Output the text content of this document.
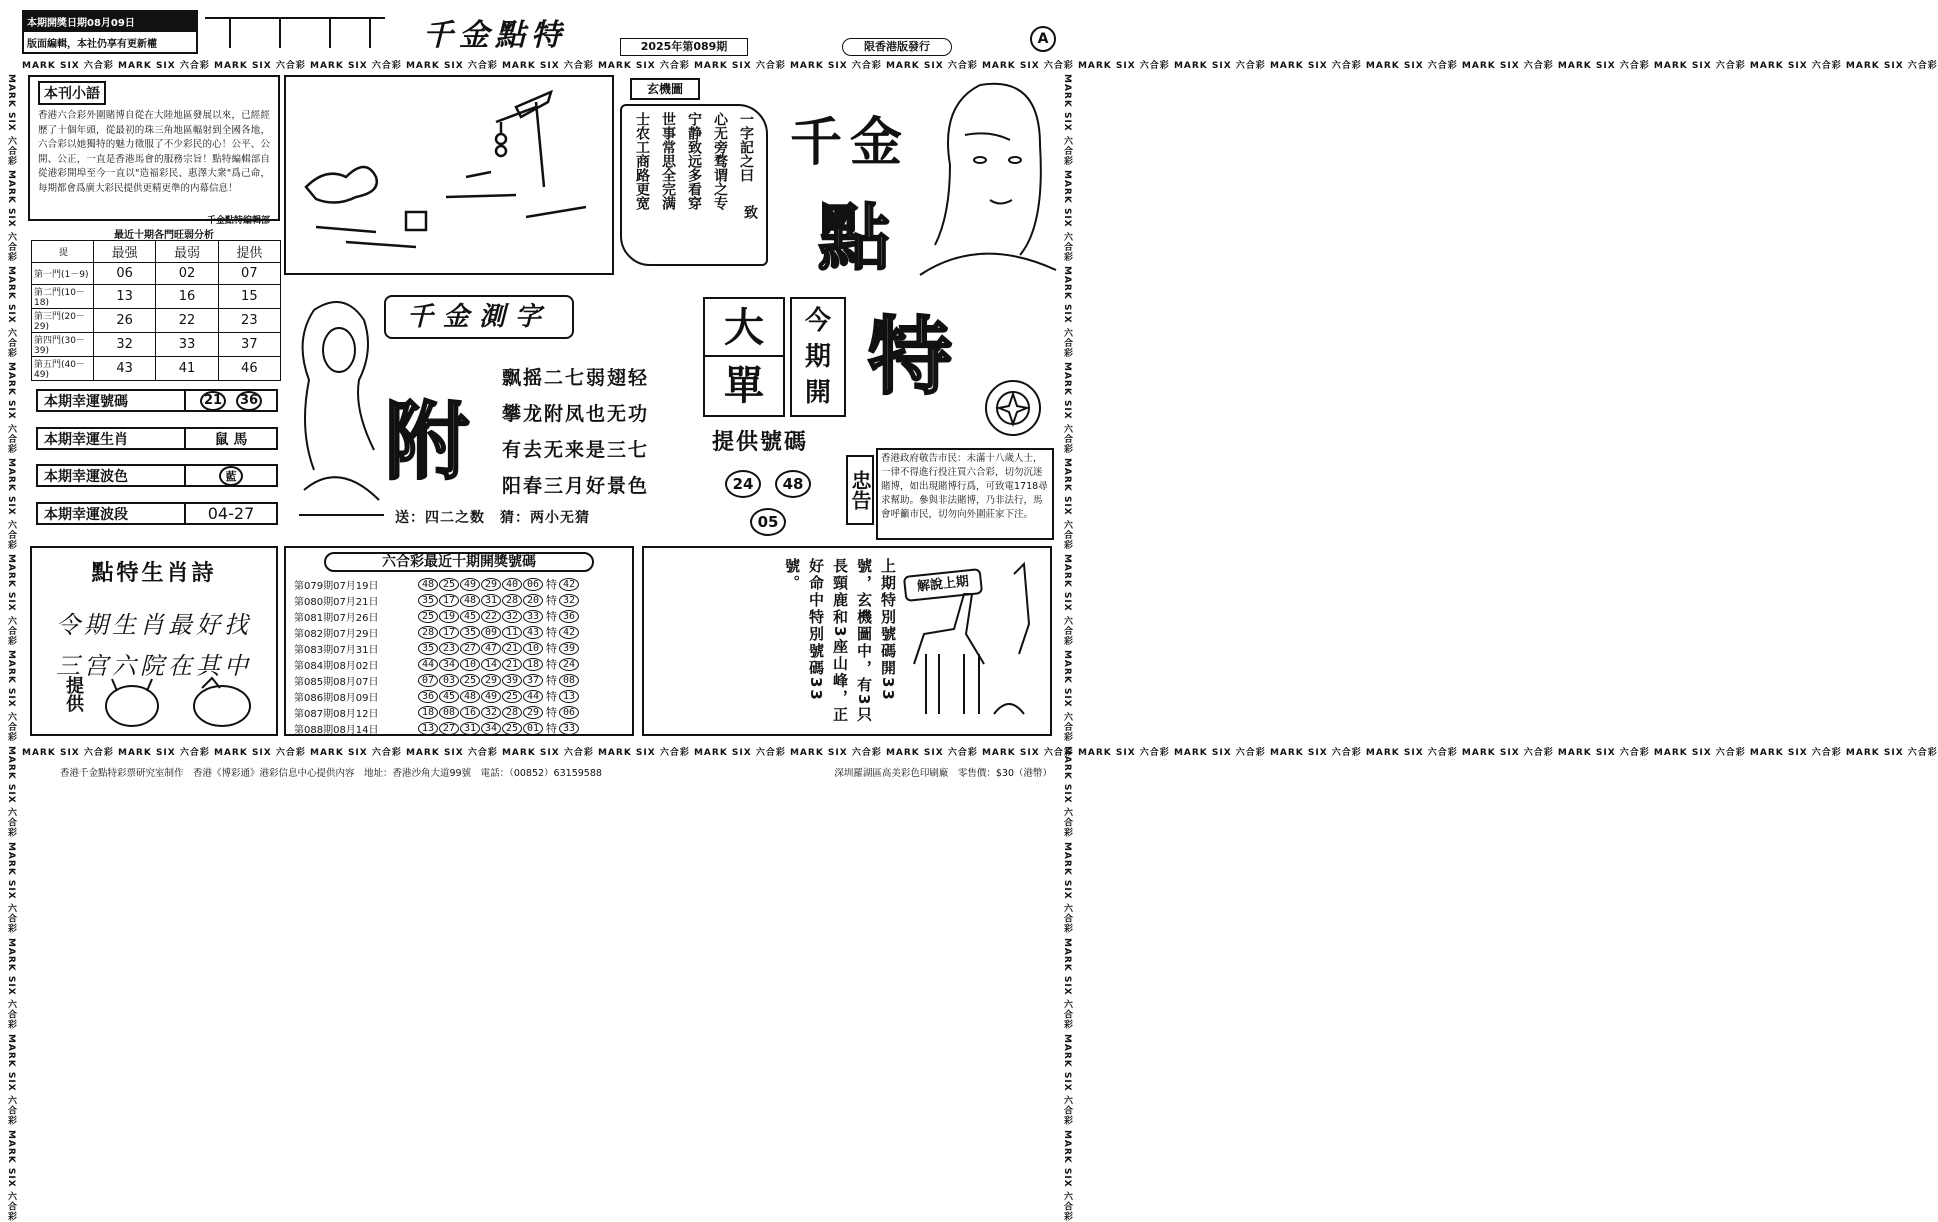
MARK SIX 六合彩 MARK SIX 六合彩 MARK SIX 六合彩 MARK SIX 六合彩 MARK SIX 六合彩 MARK SIX 六合彩 MARK SIX 六合彩 MARK SIX 六合彩 MARK SIX 六合彩 MARK SIX 六合彩 MARK SIX 六合彩 MARK SIX 六合彩 MARK SIX 六合彩 MARK SIX 六合彩 MARK SIX 六合彩 MARK SIX 六合彩 MARK SIX 六合彩 MARK SIX 六合彩 MARK SIX 六合彩 MARK SIX 六合彩
MARK SIX 六合彩 MARK SIX 六合彩 MARK SIX 六合彩 MARK SIX 六合彩 MARK SIX 六合彩 MARK SIX 六合彩 MARK SIX 六合彩 MARK SIX 六合彩 MARK SIX 六合彩 MARK SIX 六合彩 MARK SIX 六合彩 MARK SIX 六合彩 MARK SIX 六合彩 MARK SIX 六合彩 MARK SIX 六合彩 MARK SIX 六合彩 MARK SIX 六合彩 MARK SIX 六合彩 MARK SIX 六合彩 MARK SIX 六合彩
MARK SIX 六合彩 MARK SIX 六合彩 MARK SIX 六合彩 MARK SIX 六合彩 MARK SIX 六合彩 MARK SIX 六合彩 MARK SIX 六合彩 MARK SIX 六合彩 MARK SIX 六合彩 MARK SIX 六合彩 MARK SIX 六合彩 MARK SIX 六合彩	MARK SIX 六合彩 MARK SIX 六合彩 MARK SIX 六合彩 MARK SIX 六合彩 MARK SIX 六合彩 MARK SIX 六合彩 MARK SIX 六合彩 MARK SIX 六合彩 MARK SIX 六合彩 MARK SIX 六合彩 MARK SIX 六合彩 MARK SIX 六合彩
本期開獎日期08月09日
版面編輯，本社仍享有更新權	千金點特	2025年第089期	限香港版發行	A
本刊小語
香港六合彩外圍賭博自從在大陸地區發展以來，已經經歷了十個年頭，從最初的珠三角地區輻射到全國各地，六合彩以她獨特的魅力徵服了不少彩民的心！公平、公開、公正，一直是香港馬會的服務宗旨！點特編輯部自從港彩開埠至今一直以"造福彩民、惠澤大衆"爲己命，每期都會爲廣大彩民提供更精更準的内幕信息！
——千金點特編輯部
最近十期各門旺弱分析
提	最强	最弱	提供
第一門(1－9)	06	02	07
第二門(10－18)	13	16	15
第三門(20－29)	26	22	23
第四門(30－39)	32	33	37
第五門(40－49)	43	41	46
本期幸運號碼	21	36
本期幸運生肖	鼠 馬
本期幸運波色	藍
本期幸運波段	04-27
玄機圖
一字記之曰
心无旁骛谓之专
宁静致远多看穿
世事常思全完满
士农工商路更宽
致
千 金
點
千金測字
附
飘摇二七弱翅轻
攀龙附凤也无功
有去无来是三七
阳春三月好景色
送：四二之数　猜：两小无猜
大
單
今
期
開 特
提供號碼
24	48
05
忠告
香港政府敬告市民：未滿十八歲人士，一律不得進行投注買六合彩，切勿沉迷賭博，如出現賭博行爲，可致電1718尋求幫助。參與非法賭博，乃非法行，馬會呼籲市民，切勿向外圍莊家下注。
點特生肖詩
令期生肖最好找
三宫六院在其中
提供
六合彩最近十期開獎號碼
第079期07月19日	48 25 49 29 40 06 特 42
第080期07月21日	35 17 48 31 28 20 特 32
第081期07月26日	25 19 45 22 32 33 特 36
第082期07月29日	28 17 35 09 11 43 特 42
第083期07月31日	35 23 27 47 21 10 特 39
第084期08月02日	44 34 10 14 21 18 特 24
第085期08月07日	07 03 25 29 39 37 特 08
第086期08月09日	36 45 48 49 25 44 特 13
第087期08月12日	18 08 16 32 28 29 特 06
第088期08月14日	13 27 31 34 25 01 特 33
上期特別號碼開33號，玄機圖中，有3只長頸鹿和3座山峰，正好命中特別號碼33號。	解說上期
香港千金點特彩票研究室制作　香港《博彩通》港彩信息中心提供内容　地址：香港沙角大道99號　電話：（00852）63159588	深圳羅湖區高美彩色印刷廠　零售價：$30（港幣）
